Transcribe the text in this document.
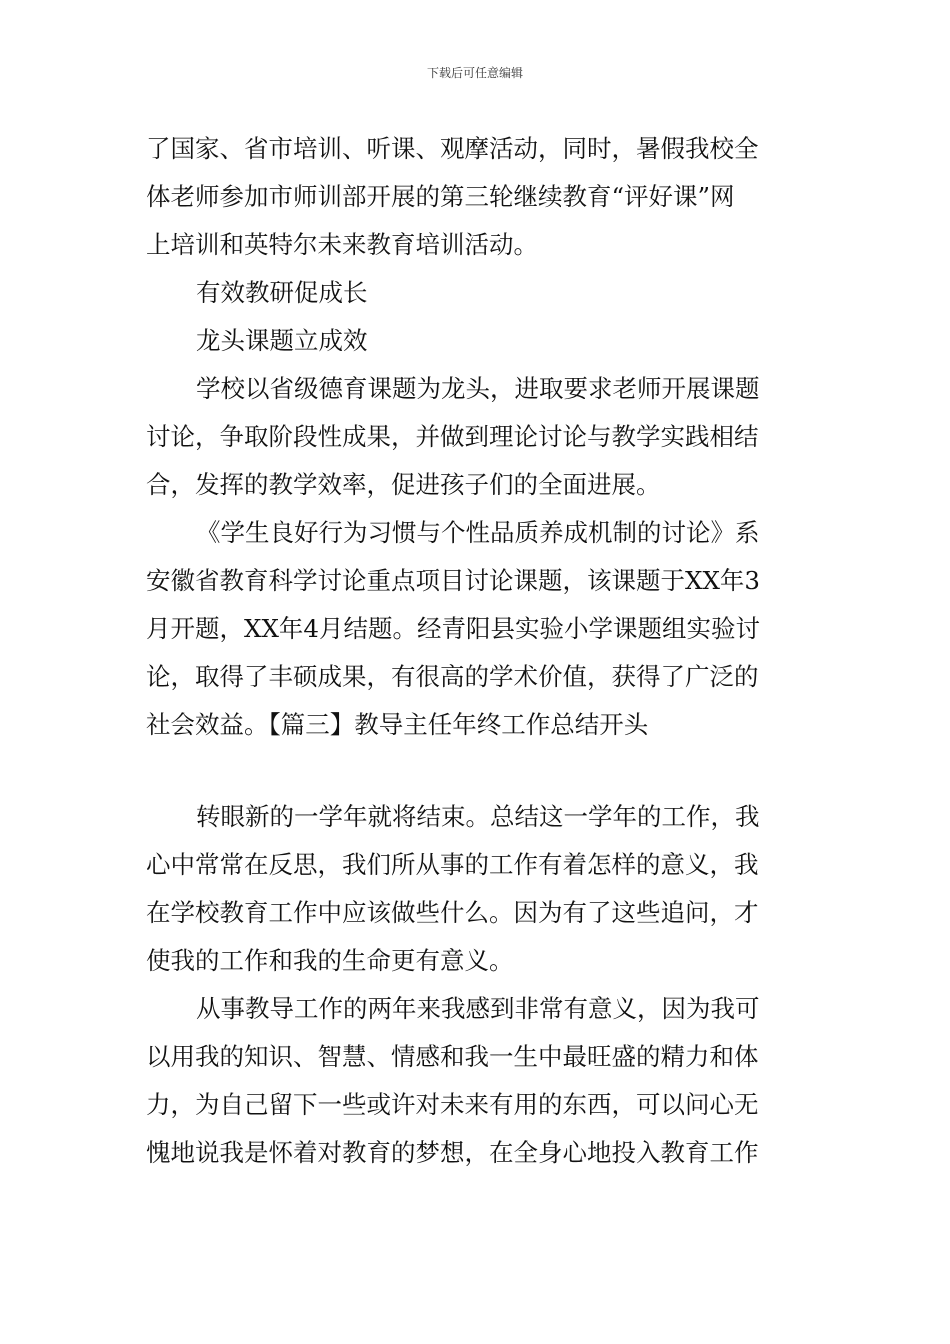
下载后可任意编辑
了国家、省市培训、听课、观摩活动，同时，暑假我校全
体老师参加市师训部开展的第三轮继续教育“评好课”网
上培训和英特尔未来教育培训活动。
有效教研促成长
龙头课题立成效
学校以省级德育课题为龙头，进取要求老师开展课题
讨论，争取阶段性成果，并做到理论讨论与教学实践相结
合，发挥的教学效率，促进孩子们的全面进展。
《学生良好行为习惯与个性品质养成机制的讨论》系
安徽省教育科学讨论重点项目讨论课题，该课题于XX年3
月开题，XX年4月结题。经青阳县实验小学课题组实验讨
论，取得了丰硕成果，有很高的学术价值，获得了广泛的
社会效益。【篇三】教导主任年终工作总结开头
转眼新的一学年就将结束。总结这一学年的工作，我
心中常常在反思，我们所从事的工作有着怎样的意义，我
在学校教育工作中应该做些什么。因为有了这些追问，才
使我的工作和我的生命更有意义。
从事教导工作的两年来我感到非常有意义，因为我可
以用我的知识、智慧、情感和我一生中最旺盛的精力和体
力，为自己留下一些或许对未来有用的东西，可以问心无
愧地说我是怀着对教育的梦想，在全身心地投入教育工作
